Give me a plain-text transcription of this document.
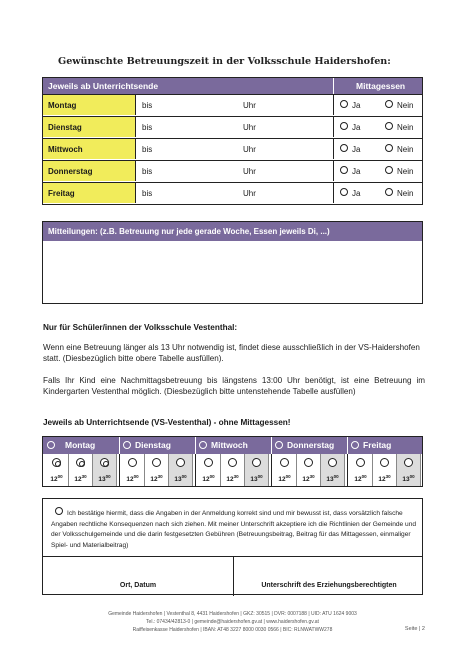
Gewünschte Betreuungszeit in der Volksschule Haidershofen:
Jeweils ab Unterrichtsende	Mittagessen
Montag	bis	Uhr	Ja	Nein
Dienstag	bis	Uhr	Ja	Nein
Mittwoch	bis	Uhr	Ja	Nein
Donnerstag	bis	Uhr	Ja	Nein
Freitag	bis	Uhr	Ja	Nein
Mitteilungen: (z.B. Betreuung nur jede gerade Woche, Essen jeweils Di, ...)
Nur für Schüler/innen der Volksschule Vestenthal:
Wenn eine Betreuung länger als 13 Uhr notwendig ist, findet diese ausschließlich in der VS-Haidershofen statt. (Diesbezüglich bitte obere Tabelle ausfüllen).
Falls Ihr Kind eine Nachmittagsbetreuung bis längstens 13:00 Uhr benötigt, ist eine Betreuung im Kindergarten Vestenthal möglich. (Diesbezüglich bitte untenstehende Tabelle ausfüllen)
Jeweils ab Unterrichtsende (VS-Vestenthal) - ohne Mittagessen!
Montag
$12^{00}$	$12^{30}$	$13^{00}$
Dienstag
$12^{00}$	$12^{30}$	$13^{00}$
Mittwoch
$12^{00}$	$12^{30}$	$13^{00}$
Donnerstag
$12^{00}$	$12^{30}$	$13^{00}$
Freitag
$12^{00}$	$12^{30}$	$13^{00}$
Ich bestätige hiermit, dass die Angaben in der Anmeldung korrekt sind und mir bewusst ist, dass vorsätzlich falsche Angaben rechtliche Konsequenzen nach sich ziehen. Mit meiner Unterschrift akzeptiere ich die Richtlinien der Gemeinde und der Volksschulgemeinde und die darin festgesetzten Gebühren (Betreuungsbeitrag, Beitrag für das Mittagessen, einmaliger Spiel- und Materialbeitrag)
Ort, Datum	Unterschrift des Erziehungsberechtigten
Gemeinde Haidershofen | Vestenthal 8, 4431 Haidershofen | GKZ: 30515 | DVR: 0007188 | UID: ATU 1624 9003
Tel.: 07434/42813-0 | gemeinde@haidershofen.gv.at | www.haidershofen.gv.at
Raiffeisenkasse Haidershofen | IBAN: AT48 3227 8000 0030 0566 | BIC: RLNWATWW278	Seite | 2
